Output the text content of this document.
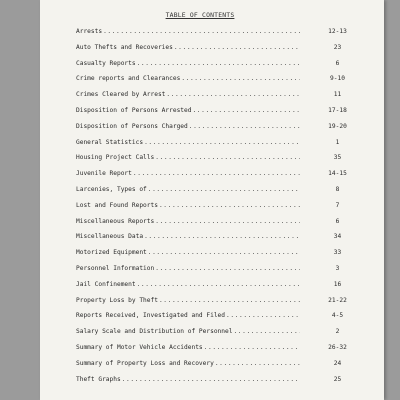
TABLE OF CONTENTS
Arrests .....	12-13
Auto Thefts and Recoveries .....	23
Casualty Reports .....	6
Crime reports and Clearances .....	9-10
Crimes Cleared by Arrest .....	11
Disposition of Persons Arrested .....	17-18
Disposition of Persons Charged .....	19-20
General Statistics .....	1
Housing Project Calls .....	35
Juvenile Report .....	14-15
Larcenies, Types of .....	8
Lost and Found Reports .....	7
Miscellaneous Reports .....	6
Miscellaneous Data .....	34
Motorized Equipment .....	33
Personnel Information .....	3
Jail Confinement .....	16
Property Loss by Theft .....	21-22
Reports Received, Investigated and Filed .....	4-5
Salary Scale and Distribution of Personnel .....	2
Summary of Motor Vehicle Accidents .....	26-32
Summary of Property Loss and Recovery .....	24
Theft Graphs .....	25
